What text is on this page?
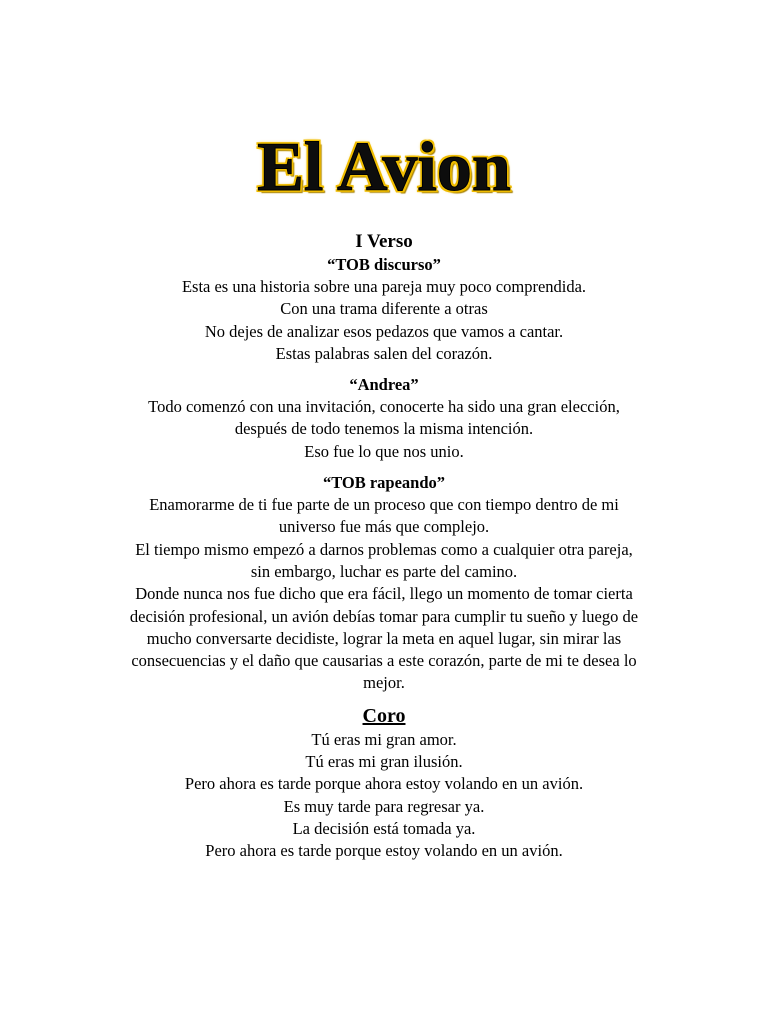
El Avion

I Verso

“TOB discurso”

Esta es una historia sobre una pareja muy poco comprendida.

Con una trama diferente a otras

No dejes de analizar esos pedazos que vamos a cantar.

Estas palabras salen del corazón.

“Andrea”

Todo comenzó con una invitación, conocerte ha sido una gran elección,

después de todo tenemos la misma intención.

Eso fue lo que nos unio.

“TOB rapeando”

Enamorarme de ti fue parte de un proceso que con tiempo dentro de mi

universo fue más que complejo.

El tiempo mismo empezó a darnos problemas como a cualquier otra pareja,

sin embargo, luchar es parte del camino.

Donde nunca nos fue dicho que era fácil, llego un momento de tomar cierta

decisión profesional, un avión debías tomar para cumplir tu sueño y luego de

mucho conversarte decidiste, lograr la meta en aquel lugar, sin mirar las

consecuencias y el daño que causarias a este corazón, parte de mi te desea lo

mejor.

Coro

Tú eras mi gran amor.

Tú eras mi gran ilusión.

Pero ahora es tarde porque ahora estoy volando en un avión.

Es muy tarde para regresar ya.

La decisión está tomada ya.

Pero ahora es tarde porque estoy volando en un avión.
